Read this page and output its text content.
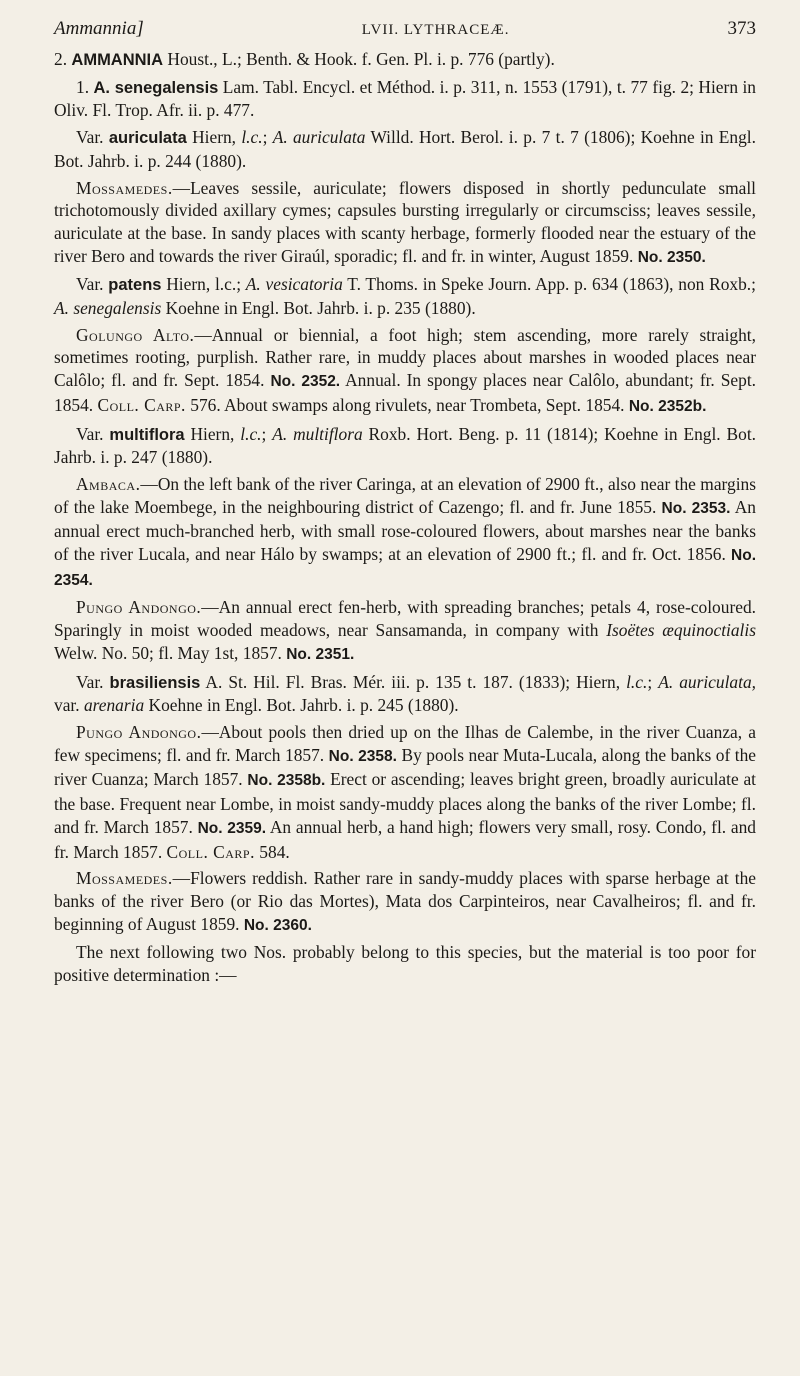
Ammannia]	LVII. LYTHRACEÆ.	373

2. AMMANNIA Houst., L.; Benth. & Hook. f. Gen. Pl. i. p. 776 (partly).

1. A. senegalensis Lam. Tabl. Encycl. et Méthod. i. p. 311, n. 1553 (1791), t. 77 fig. 2; Hiern in Oliv. Fl. Trop. Afr. ii. p. 477.

Var. auriculata Hiern, l.c.; A. auriculata Willd. Hort. Berol. i. p. 7 t. 7 (1806); Koehne in Engl. Bot. Jahrb. i. p. 244 (1880).

Mossamedes.—Leaves sessile, auriculate; flowers disposed in shortly pedunculate small trichotomously divided axillary cymes; capsules bursting irregularly or circumsciss; leaves sessile, auriculate at the base. In sandy places with scanty herbage, formerly flooded near the estuary of the river Bero and towards the river Giraúl, sporadic; fl. and fr. in winter, August 1859. No. 2350.

Var. patens Hiern, l.c.; A. vesicatoria T. Thoms. in Speke Journ. App. p. 634 (1863), non Roxb.; A. senegalensis Koehne in Engl. Bot. Jahrb. i. p. 235 (1880).

Golungo Alto.—Annual or biennial, a foot high; stem ascending, more rarely straight, sometimes rooting, purplish. Rather rare, in muddy places about marshes in wooded places near Calôlo; fl. and fr. Sept. 1854. No. 2352. Annual. In spongy places near Calôlo, abundant; fr. Sept. 1854. Coll. Carp. 576. About swamps along rivulets, near Trombeta, Sept. 1854. No. 2352b.

Var. multiflora Hiern, l.c.; A. multiflora Roxb. Hort. Beng. p. 11 (1814); Koehne in Engl. Bot. Jahrb. i. p. 247 (1880).

Ambaca.—On the left bank of the river Caringa, at an elevation of 2900 ft., also near the margins of the lake Moembege, in the neighbouring district of Cazengo; fl. and fr. June 1855. No. 2353. An annual erect much-branched herb, with small rose-coloured flowers, about marshes near the banks of the river Lucala, and near Hálo by swamps; at an elevation of 2900 ft.; fl. and fr. Oct. 1856. No. 2354.

Pungo Andongo.—An annual erect fen-herb, with spreading branches; petals 4, rose-coloured. Sparingly in moist wooded meadows, near Sansamanda, in company with Isoëtes æquinoctialis Welw. No. 50; fl. May 1st, 1857. No. 2351.

Var. brasiliensis A. St. Hil. Fl. Bras. Mér. iii. p. 135 t. 187. (1833); Hiern, l.c.; A. auriculata, var. arenaria Koehne in Engl. Bot. Jahrb. i. p. 245 (1880).

Pungo Andongo.—About pools then dried up on the Ilhas de Calembe, in the river Cuanza, a few specimens; fl. and fr. March 1857. No. 2358. By pools near Muta-Lucala, along the banks of the river Cuanza; March 1857. No. 2358b. Erect or ascending; leaves bright green, broadly auriculate at the base. Frequent near Lombe, in moist sandy-muddy places along the banks of the river Lombe; fl. and fr. March 1857. No. 2359. An annual herb, a hand high; flowers very small, rosy. Condo, fl. and fr. March 1857. Coll. Carp. 584.

Mossamedes.—Flowers reddish. Rather rare in sandy-muddy places with sparse herbage at the banks of the river Bero (or Rio das Mortes), Mata dos Carpinteiros, near Cavalheiros; fl. and fr. beginning of August 1859. No. 2360.

The next following two Nos. probably belong to this species, but the material is too poor for positive determination :—
